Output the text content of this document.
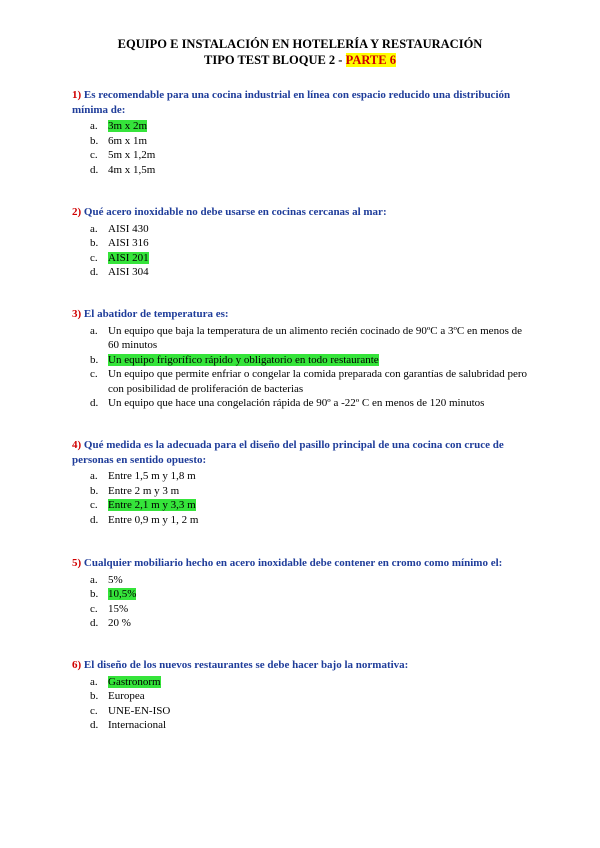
EQUIPO E INSTALACIÓN EN HOTELERÍA Y RESTAURACIÓN
TIPO TEST BLOQUE 2 - PARTE 6
1) Es recomendable para una cocina industrial en línea con espacio reducido una distribución mínima de:
a. 3m x 2m
b. 6m x 1m
c. 5m x 1,2m
d. 4m x 1,5m
2) Qué acero inoxidable no debe usarse en cocinas cercanas al mar:
a. AISI 430
b. AISI 316
c. AISI 201
d. AISI 304
3) El abatidor de temperatura es:
a. Un equipo que baja la temperatura de un alimento recién cocinado de 90ºC a 3ºC en menos de 60 minutos
b. Un equipo frigorífico rápido y obligatorio en todo restaurante
c. Un equipo que permite enfriar o congelar la comida preparada con garantías de salubridad pero con posibilidad de proliferación de bacterias
d. Un equipo que hace una congelación rápida de 90º a -22º C en menos de 120 minutos
4) Qué medida es la adecuada para el diseño del pasillo principal de una cocina con cruce de personas en sentido opuesto:
a. Entre 1,5 m y 1,8 m
b. Entre 2 m y 3 m
c. Entre 2,1 m y 3,3 m
d. Entre 0,9 m y 1, 2 m
5) Cualquier mobiliario hecho en acero inoxidable debe contener en cromo como mínimo el:
a. 5%
b. 10,5%
c. 15%
d. 20 %
6) El diseño de los nuevos restaurantes se debe hacer bajo la normativa:
a. Gastronorm
b. Europea
c. UNE-EN-ISO
d. Internacional
